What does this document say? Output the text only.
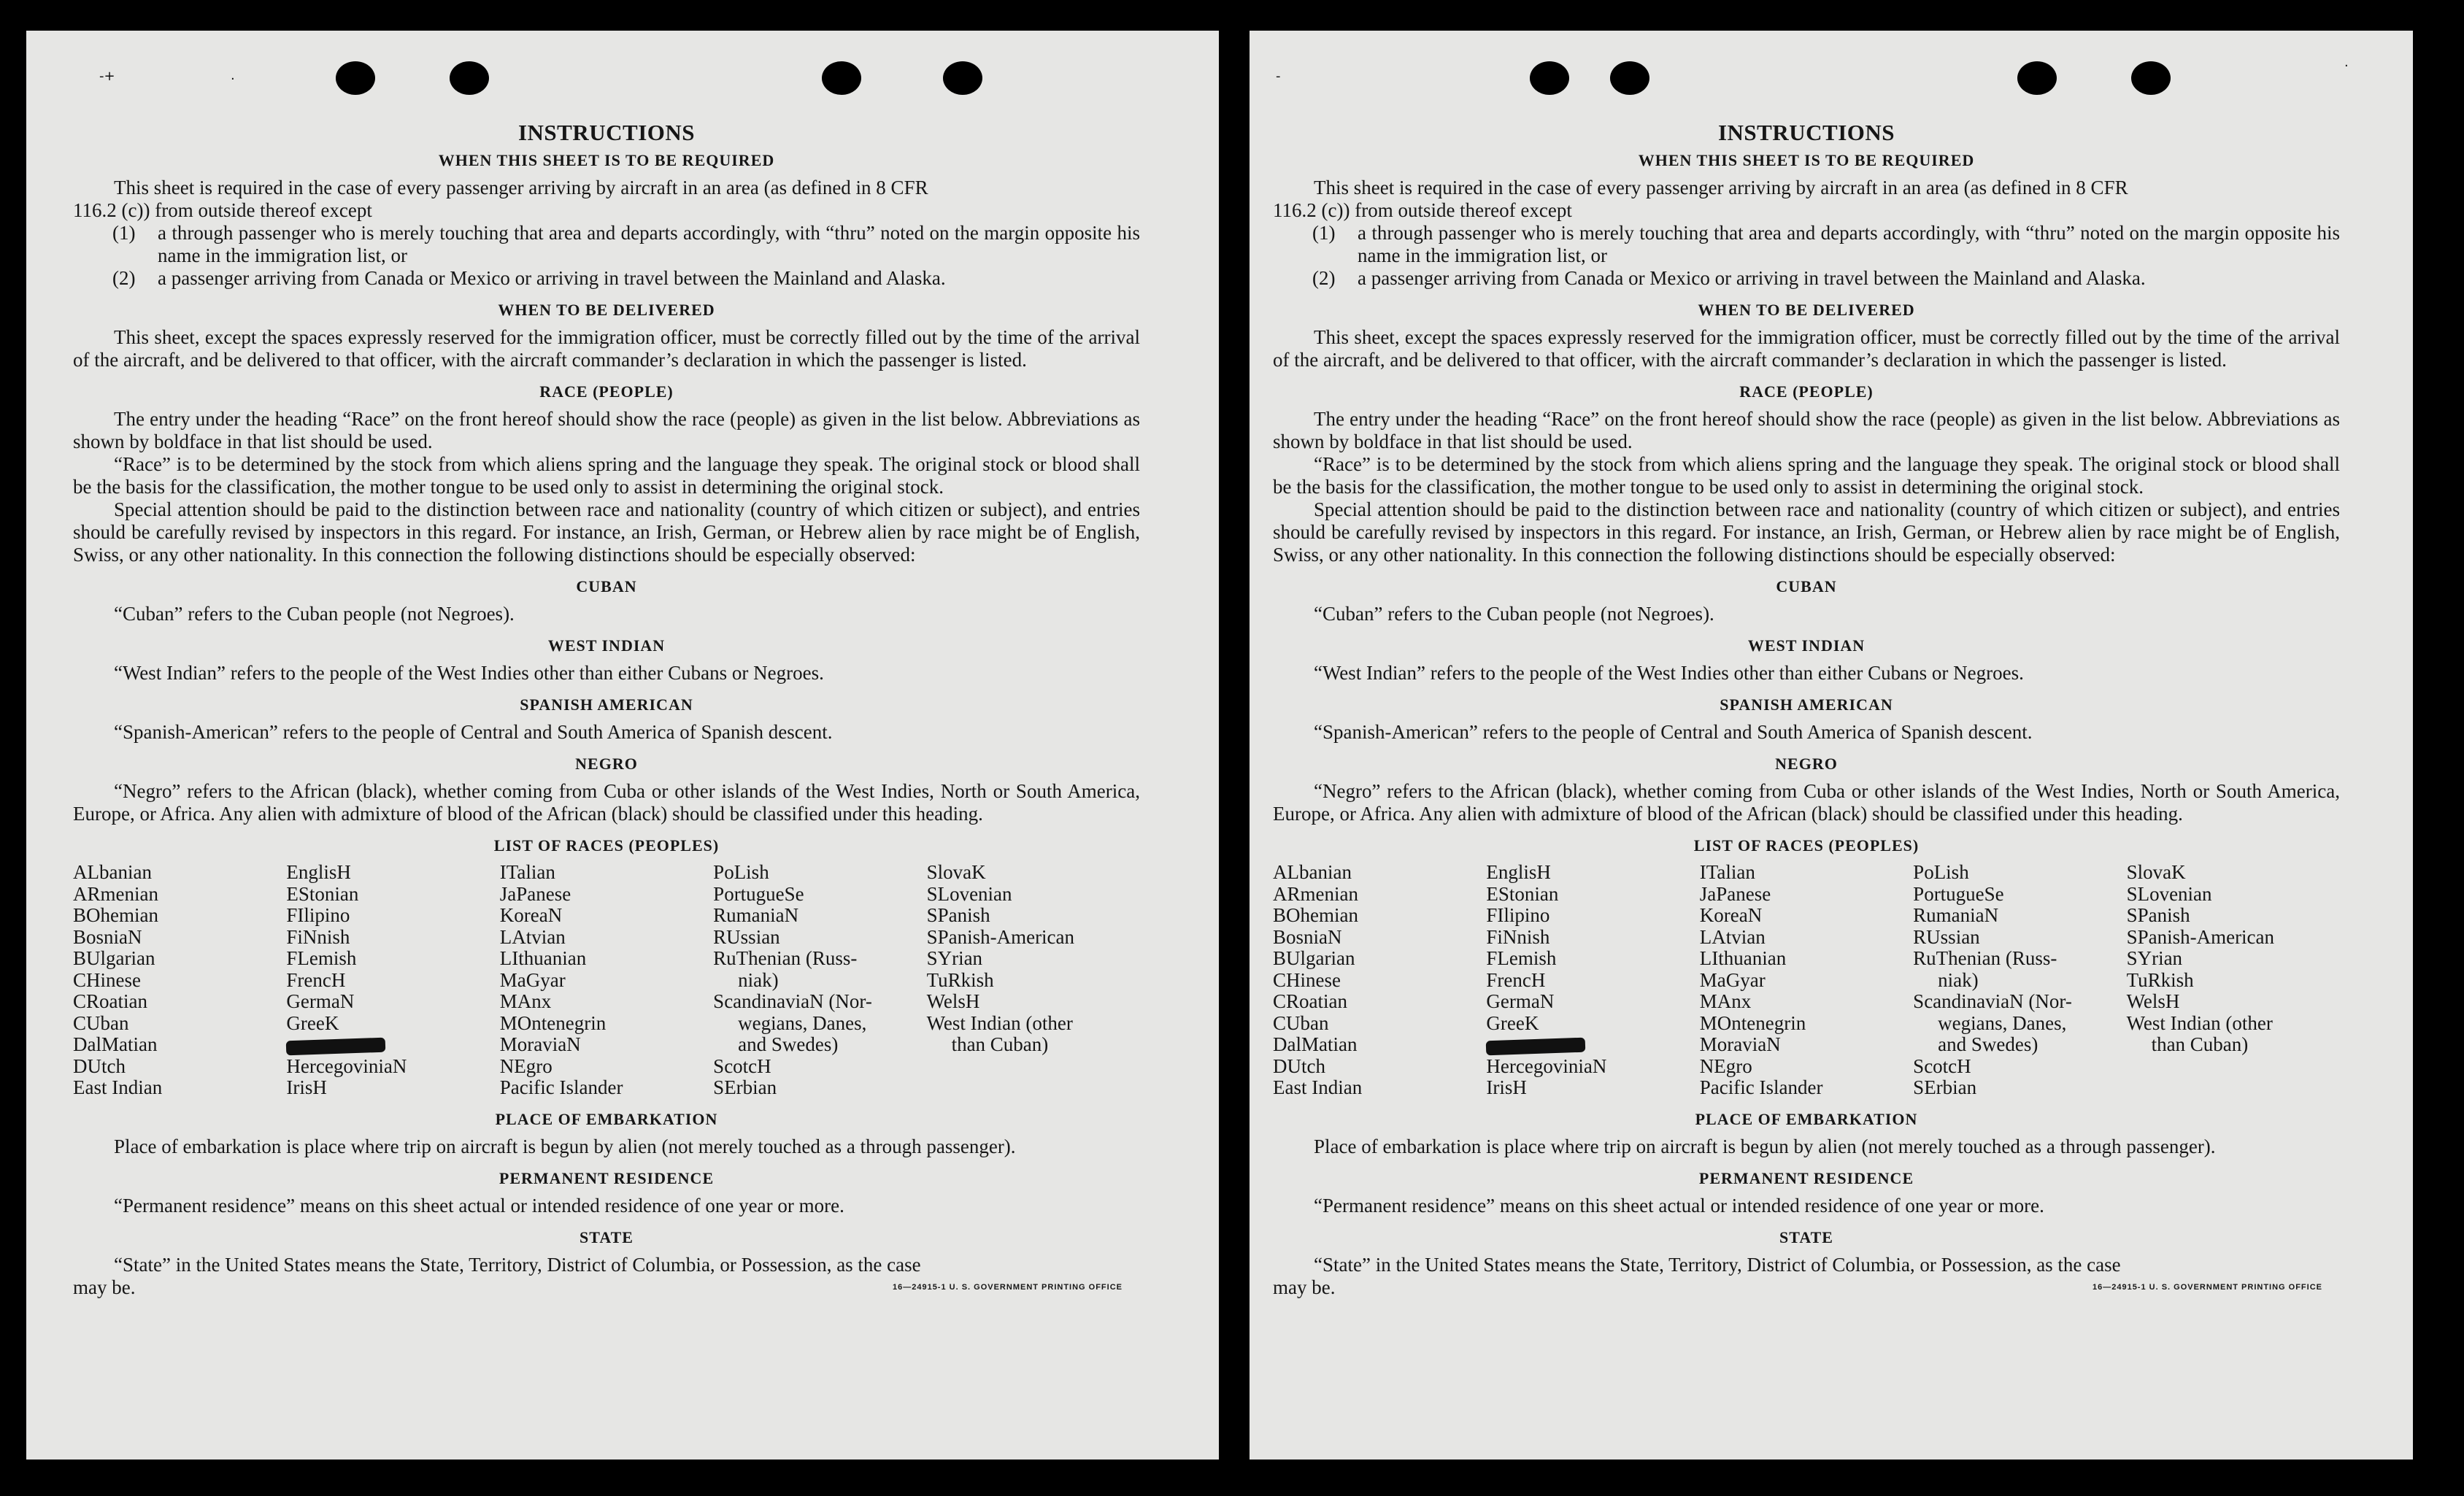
-+	·
INSTRUCTIONS
WHEN THIS SHEET IS TO BE REQUIRED

This sheet is required in the case of every passenger arriving by aircraft in an area (as defined in 8 CFR

116.2 (c)) from outside thereof except

(1) a through passenger who is merely touching that area and departs accordingly, with “thru” noted on the margin opposite his name in the immigration list, or
(2) a passenger arriving from Canada or Mexico or arriving in travel between the Mainland and Alaska.
WHEN TO BE DELIVERED

This sheet, except the spaces expressly reserved for the immigration officer, must be correctly filled out by the time of the arrival of the aircraft, and be delivered to that officer, with the aircraft commander’s declaration in which the passenger is listed.

RACE (PEOPLE)

The entry under the heading “Race” on the front hereof should show the race (people) as given in the list below. Abbreviations as shown by boldface in that list should be used.

“Race” is to be determined by the stock from which aliens spring and the language they speak. The original stock or blood shall be the basis for the classification, the mother tongue to be used only to assist in determining the original stock.

Special attention should be paid to the distinction between race and nationality (country of which citizen or subject), and entries should be carefully revised by inspectors in this regard. For instance, an Irish, German, or Hebrew alien by race might be of English, Swiss, or any other nationality. In this connection the following distinctions should be especially observed:

CUBAN

“Cuban” refers to the Cuban people (not Negroes).

WEST INDIAN

“West Indian” refers to the people of the West Indies other than either Cubans or Negroes.

SPANISH AMERICAN

“Spanish-American” refers to the people of Central and South America of Spanish descent.

NEGRO

“Negro” refers to the African (black), whether coming from Cuba or other islands of the West Indies, North or South America, Europe, or Africa. Any alien with admixture of blood of the African (black) should be classified under this heading.

LIST OF RACES (PEOPLES)
ALbanian
ARmenian
BOhemian
BosniaN
BUlgarian
CHinese
CRoatian
CUban
DalMatian
DUtch
East Indian
EnglisH
EStonian
FIlipino
FiNnish
FLemish
FrencH
GermaN
GreeK
HercegoviniaN
IrisH
ITalian
JaPanese
KoreaN
LAtvian
LIthuanian
MaGyar
MAnx
MOntenegrin
MoraviaN
NEgro
Pacific Islander
PoLish
PortugueSe
RumaniaN
RUssian
RuThenian (Russ-
niak)
ScandinaviaN (Nor-
wegians, Danes,
and Swedes)
ScotcH
SErbian
SlovaK
SLovenian
SPanish
SPanish-American
SYrian
TuRkish
WelsH
West Indian (other
than Cuban)
PLACE OF EMBARKATION

Place of embarkation is place where trip on aircraft is begun by alien (not merely touched as a through passenger).

PERMANENT RESIDENCE

“Permanent residence” means on this sheet actual or intended residence of one year or more.

STATE

“State” in the United States means the State, Territory, District of Columbia, or Possession, as the case

may be.	16—24915-1 U. S. GOVERNMENT PRINTING OFFICE
-
·
INSTRUCTIONS
WHEN THIS SHEET IS TO BE REQUIRED

This sheet is required in the case of every passenger arriving by aircraft in an area (as defined in 8 CFR

116.2 (c)) from outside thereof except

(1) a through passenger who is merely touching that area and departs accordingly, with “thru” noted on the margin opposite his name in the immigration list, or
(2) a passenger arriving from Canada or Mexico or arriving in travel between the Mainland and Alaska.
WHEN TO BE DELIVERED

This sheet, except the spaces expressly reserved for the immigration officer, must be correctly filled out by the time of the arrival of the aircraft, and be delivered to that officer, with the aircraft commander’s declaration in which the passenger is listed.

RACE (PEOPLE)

The entry under the heading “Race” on the front hereof should show the race (people) as given in the list below. Abbreviations as shown by boldface in that list should be used.

“Race” is to be determined by the stock from which aliens spring and the language they speak. The original stock or blood shall be the basis for the classification, the mother tongue to be used only to assist in determining the original stock.

Special attention should be paid to the distinction between race and nationality (country of which citizen or subject), and entries should be carefully revised by inspectors in this regard. For instance, an Irish, German, or Hebrew alien by race might be of English, Swiss, or any other nationality. In this connection the following distinctions should be especially observed:

CUBAN

“Cuban” refers to the Cuban people (not Negroes).

WEST INDIAN

“West Indian” refers to the people of the West Indies other than either Cubans or Negroes.

SPANISH AMERICAN

“Spanish-American” refers to the people of Central and South America of Spanish descent.

NEGRO

“Negro” refers to the African (black), whether coming from Cuba or other islands of the West Indies, North or South America, Europe, or Africa. Any alien with admixture of blood of the African (black) should be classified under this heading.

LIST OF RACES (PEOPLES)
ALbanian
ARmenian
BOhemian
BosniaN
BUlgarian
CHinese
CRoatian
CUban
DalMatian
DUtch
East Indian
EnglisH
EStonian
FIlipino
FiNnish
FLemish
FrencH
GermaN
GreeK
HercegoviniaN
IrisH
ITalian
JaPanese
KoreaN
LAtvian
LIthuanian
MaGyar
MAnx
MOntenegrin
MoraviaN
NEgro
Pacific Islander
PoLish
PortugueSe
RumaniaN
RUssian
RuThenian (Russ-
niak)
ScandinaviaN (Nor-
wegians, Danes,
and Swedes)
ScotcH
SErbian
SlovaK
SLovenian
SPanish
SPanish-American
SYrian
TuRkish
WelsH
West Indian (other
than Cuban)
PLACE OF EMBARKATION

Place of embarkation is place where trip on aircraft is begun by alien (not merely touched as a through passenger).

PERMANENT RESIDENCE

“Permanent residence” means on this sheet actual or intended residence of one year or more.

STATE

“State” in the United States means the State, Territory, District of Columbia, or Possession, as the case

may be.	16—24915-1 U. S. GOVERNMENT PRINTING OFFICE
